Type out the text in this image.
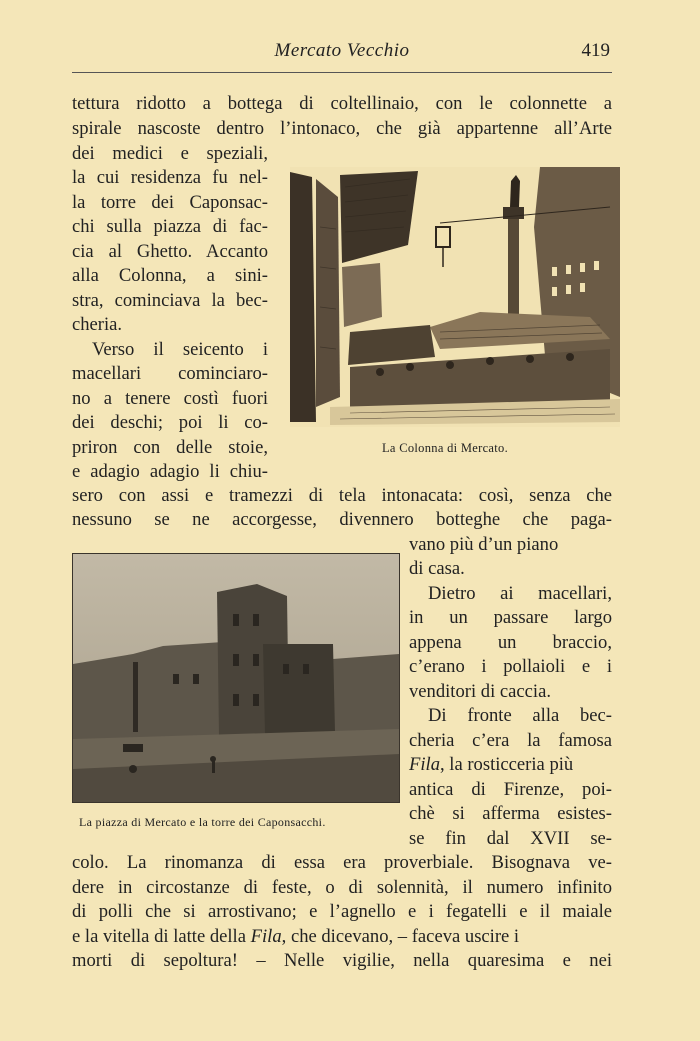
Mercato Vecchio	419
tettura ridotto a bottega di coltellinaio, con le colonnette a
spirale nascoste dentro l’intonaco, che già appartenne all’Arte
dei medici e speziali,
la cui residenza fu nel-
la torre dei Caponsac-
chi sulla piazza di fac-
cia al Ghetto. Accanto
alla Colonna, a sini-
stra, cominciava la bec-
cheria.
Verso il seicento i
macellari cominciaro-
no a tenere costì fuori
dei deschi; poi li co-
priron con delle stoie,
e adagio adagio li chiu-
La Colonna di Mercato.
sero con assi e tramezzi di tela intonacata: così, senza che
nessuno se ne accorgesse, divennero botteghe che paga-
La piazza di Mercato e la torre dei Caponsacchi.
vano più d’un piano
di casa.
Dietro ai macellari,
in un passare largo
appena un braccio,
c’erano i pollaioli e i
venditori di caccia.
Di fronte alla bec-
cheria c’era la famosa
Fila, la rosticceria più
antica di Firenze, poi-
chè si afferma esistes-
se fin dal XVII se-
colo. La rinomanza di essa era proverbiale. Bisognava ve-
dere in circostanze di feste, o di solennità, il numero infinito
di polli che si arrostivano; e l’agnello e i fegatelli e il maiale
e la vitella di latte della Fila, che dicevano, – faceva uscire i
morti di sepoltura! – Nelle vigilie, nella quaresima e nei
